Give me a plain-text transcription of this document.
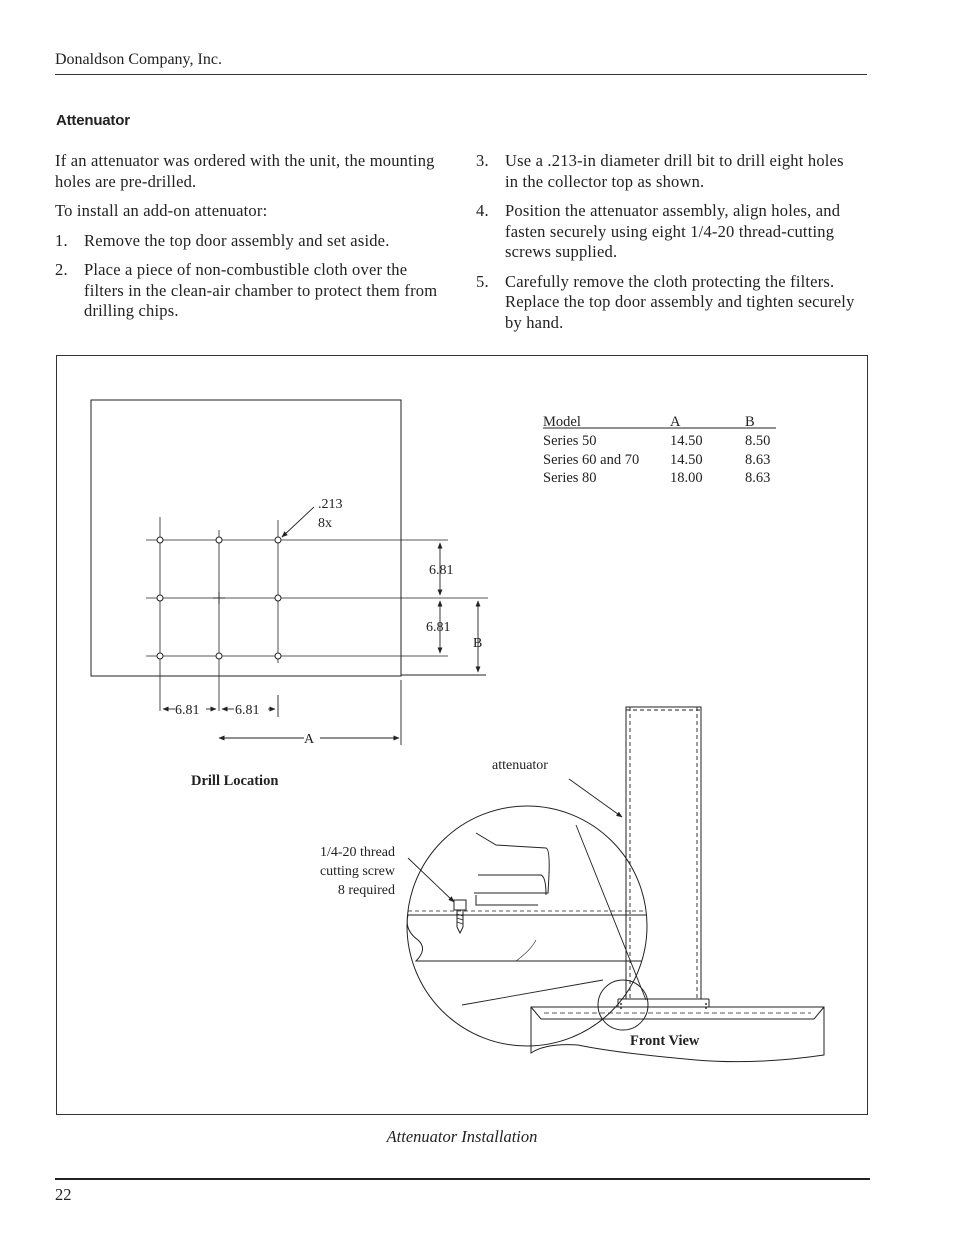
Donaldson Company, Inc.
Attenuator

If an attenuator was ordered with the unit, the mounting holes are pre-drilled.

To install an add-on attenuator:

1. Remove the top door assembly and set aside.
2. Place a piece of non-combustible cloth over the filters in the clean-air chamber to protect them from drilling chips.
3. Use a .213-in diameter drill bit to drill eight holes in the collector top as shown.
4. Position the attenuator assembly, align holes, and fasten securely using eight 1/4-20 thread-cutting screws supplied.
5. Carefully remove the cloth protecting the filters. Replace the top door assembly and tighten securely by hand.
.213
8x
6.81
6.81
B
6.81	6.81
A
Drill Location
Model	A	B
Series 50	14.50	8.50
Series 60 and 70 14.50	8.63
Series 80	18.00	8.63
Front View
attenuator
1/4-20 thread
cutting screw
8 required
Attenuator Installation
22
